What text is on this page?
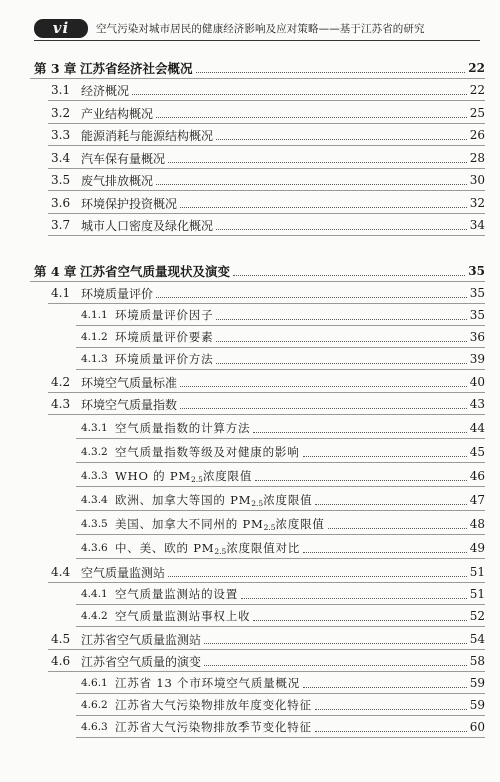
vi	空气污染对城市居民的健康经济影响及应对策略——基于江苏省的研究
第 3 章 江苏省经济社会概况	22
3.1 经济概况	22
3.2 产业结构概况	25
3.3 能源消耗与能源结构概况	26
3.4 汽车保有量概况	28
3.5 废气排放概况	30
3.6 环境保护投资概况	32
3.7 城市人口密度及绿化概况	34
第 4 章 江苏省空气质量现状及演变	35
4.1 环境质量评价	35
4.1.1 环境质量评价因子	35
4.1.2 环境质量评价要素	36
4.1.3 环境质量评价方法	39
4.2 环境空气质量标准	40
4.3 环境空气质量指数	43
4.3.1 空气质量指数的计算方法	44
4.3.2 空气质量指数等级及对健康的影响	45
4.3.3 WHO 的 PM2.5浓度限值	46
4.3.4 欧洲、加拿大等国的 PM2.5浓度限值	47
4.3.5 美国、加拿大不同州的 PM2.5浓度限值	48
4.3.6 中、美、欧的 PM2.5浓度限值对比	49
4.4 空气质量监测站	51
4.4.1 空气质量监测站的设置	51
4.4.2 空气质量监测站事权上收	52
4.5 江苏省空气质量监测站	54
4.6 江苏省空气质量的演变	58
4.6.1 江苏省 13 个市环境空气质量概况	59
4.6.2 江苏省大气污染物排放年度变化特征	59
4.6.3 江苏省大气污染物排放季节变化特征	60
